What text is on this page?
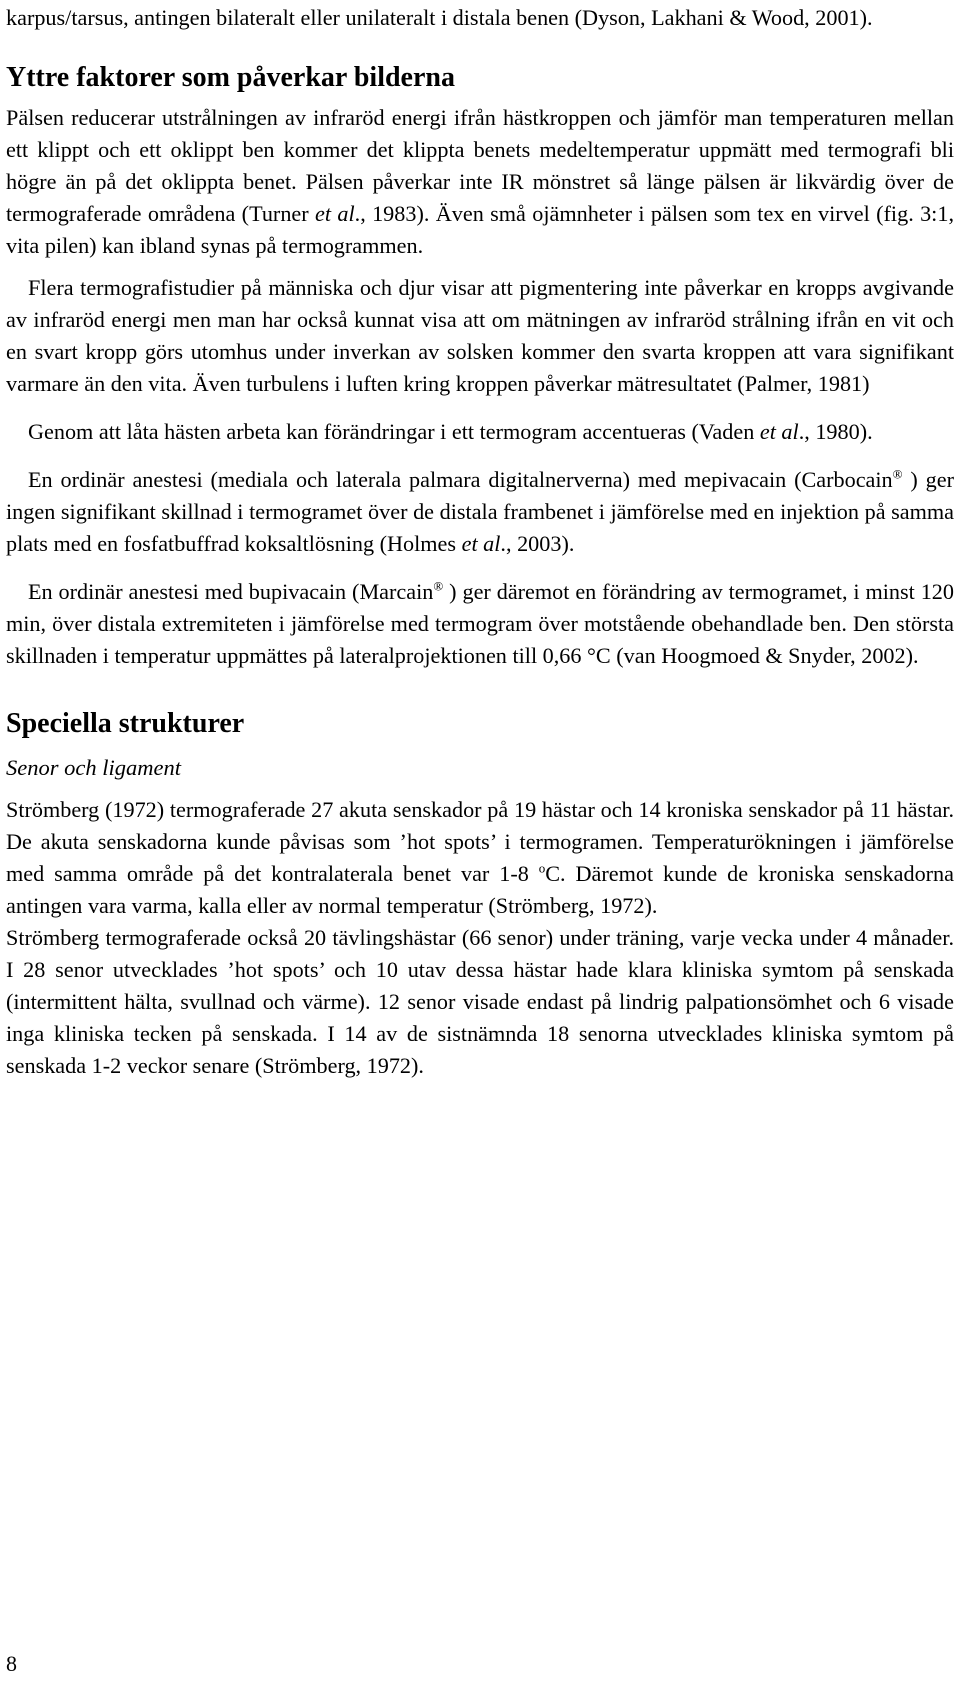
karpus/tarsus, antingen bilateralt eller unilateralt i distala benen (Dyson, Lakhani & Wood, 2001).

Yttre faktorer som påverkar bilderna

Pälsen reducerar utstrålningen av infraröd energi ifrån hästkroppen och jämför man temperaturen mellan ett klippt och ett oklippt ben kommer det klippta benets medeltemperatur uppmätt med termografi bli högre än på det oklippta benet. Pälsen påverkar inte IR mönstret så länge pälsen är likvärdig över de termograferade områdena (Turner et al., 1983). Även små ojämnheter i pälsen som tex en virvel (fig. 3:1, vita pilen) kan ibland synas på termogrammen.

Flera termografistudier på människa och djur visar att pigmentering inte påverkar en kropps avgivande av infraröd energi men man har också kunnat visa att om mätningen av infraröd strålning ifrån en vit och en svart kropp görs utomhus under inverkan av solsken kommer den svarta kroppen att vara signifikant varmare än den vita. Även turbulens i luften kring kroppen påverkar mätresultatet (Palmer, 1981)

Genom att låta hästen arbeta kan förändringar i ett termogram accentueras (Vaden et al., 1980).

En ordinär anestesi (mediala och laterala palmara digitalnerverna) med mepivacain (Carbocain® ) ger ingen signifikant skillnad i termogramet över de distala frambenet i jämförelse med en injektion på samma plats med en fosfatbuffrad koksaltlösning (Holmes et al., 2003).

En ordinär anestesi med bupivacain (Marcain® ) ger däremot en förändring av termogramet, i minst 120 min, över distala extremiteten i jämförelse med termogram över motstående obehandlade ben. Den största skillnaden i temperatur uppmättes på lateralprojektionen till 0,66 °C (van Hoogmoed & Snyder, 2002).

Speciella strukturer
Senor och ligament

Strömberg (1972) termograferade 27 akuta senskador på 19 hästar och 14 kroniska senskador på 11 hästar. De akuta senskadorna kunde påvisas som ’hot spots’ i termogramen. Temperaturökningen i jämförelse med samma område på det kontralaterala benet var 1-8 $^o$C. Däremot kunde de kroniska senskadorna antingen vara varma, kalla eller av normal temperatur (Strömberg, 1972).

Strömberg termograferade också 20 tävlingshästar (66 senor) under träning, varje vecka under 4 månader. I 28 senor utvecklades ’hot spots’ och 10 utav dessa hästar hade klara kliniska symtom på senskada (intermittent hälta, svullnad och värme). 12 senor visade endast på lindrig palpationsömhet och 6 visade inga kliniska tecken på senskada. I 14 av de sistnämnda 18 senorna utvecklades kliniska symtom på senskada 1-2 veckor senare (Strömberg, 1972).

8
